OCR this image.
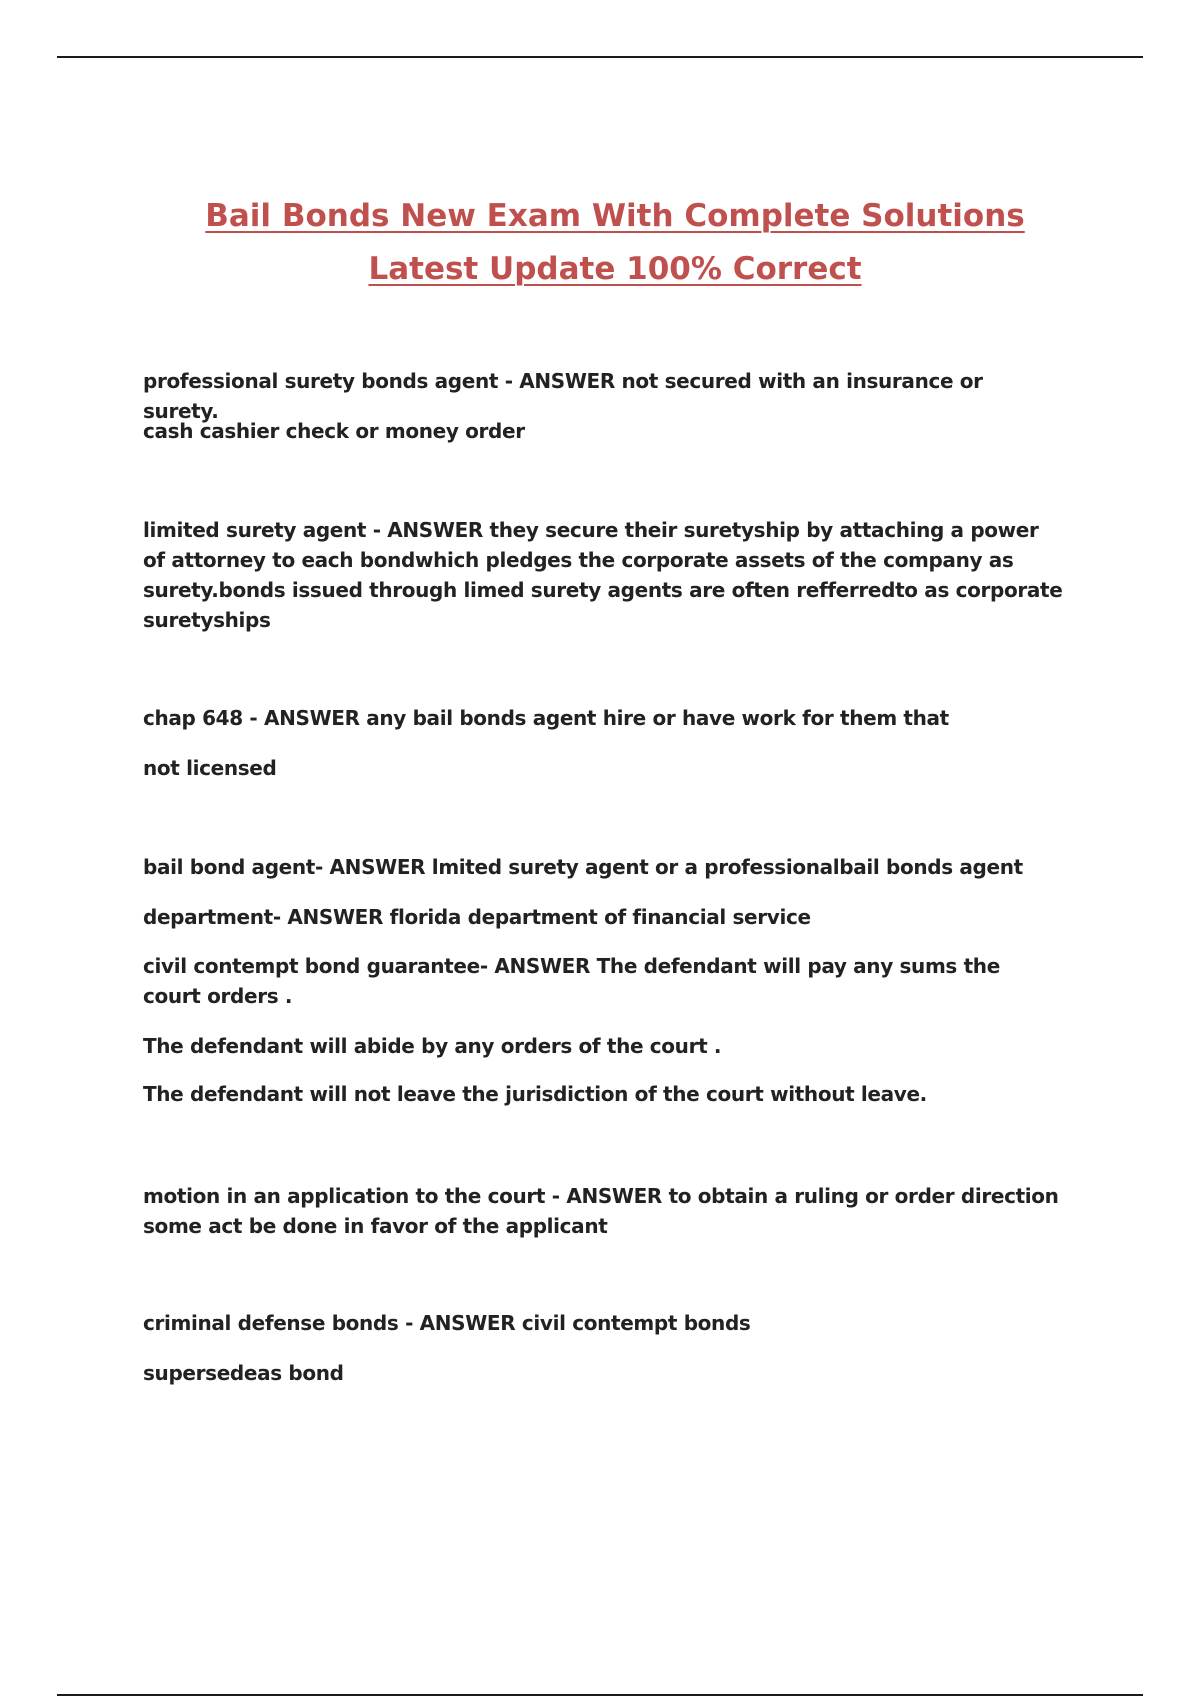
Bail Bonds New Exam With Complete Solutions
Latest Update 100% Correct

professional surety bonds agent - ANSWER not secured with an insurance or surety.

cash cashier check or money order

limited surety agent - ANSWER they secure their suretyship by attaching a power of attorney to each bondwhich pledges the corporate assets of the company as surety.bonds issued through limed surety agents are often refferredto as corporate suretyships

chap 648 - ANSWER any bail bonds agent hire or have work for them that

not licensed

bail bond agent- ANSWER lmited surety agent or a professionalbail bonds agent

department- ANSWER florida department of financial service

civil contempt bond guarantee- ANSWER The defendant will pay any sums the court orders .

The defendant will abide by any orders of the court .

The defendant will not leave the jurisdiction of the court without leave.

motion in an application to the court - ANSWER to obtain a ruling or order direction some act be done in favor of the applicant

criminal defense bonds - ANSWER civil contempt bonds

supersedeas bond
